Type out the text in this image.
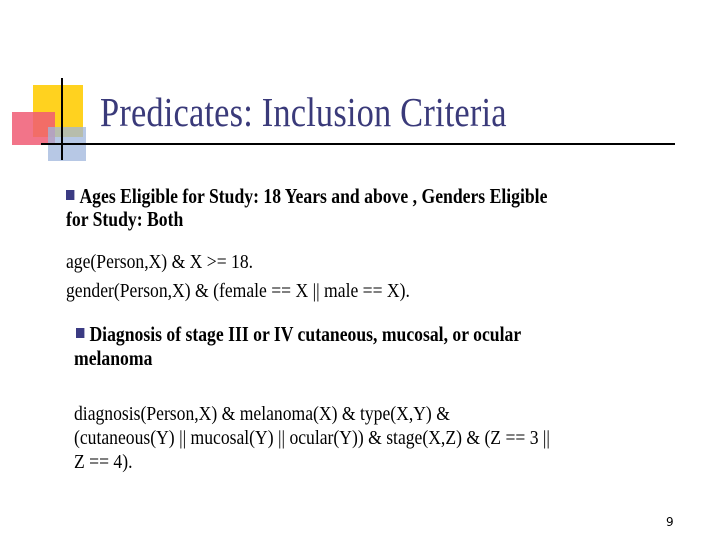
Predicates: Inclusion Criteria
Ages Eligible for Study: 18 Years and above , Genders Eligible
for Study: Both
age(Person,X) & X >= 18.
gender(Person,X) & (female == X || male == X).
Diagnosis of stage III or IV cutaneous, mucosal, or ocular
melanoma
diagnosis(Person,X) & melanoma(X) & type(X,Y) &
(cutaneous(Y) || mucosal(Y) || ocular(Y)) & stage(X,Z) & (Z == 3 ||
Z == 4).
9
